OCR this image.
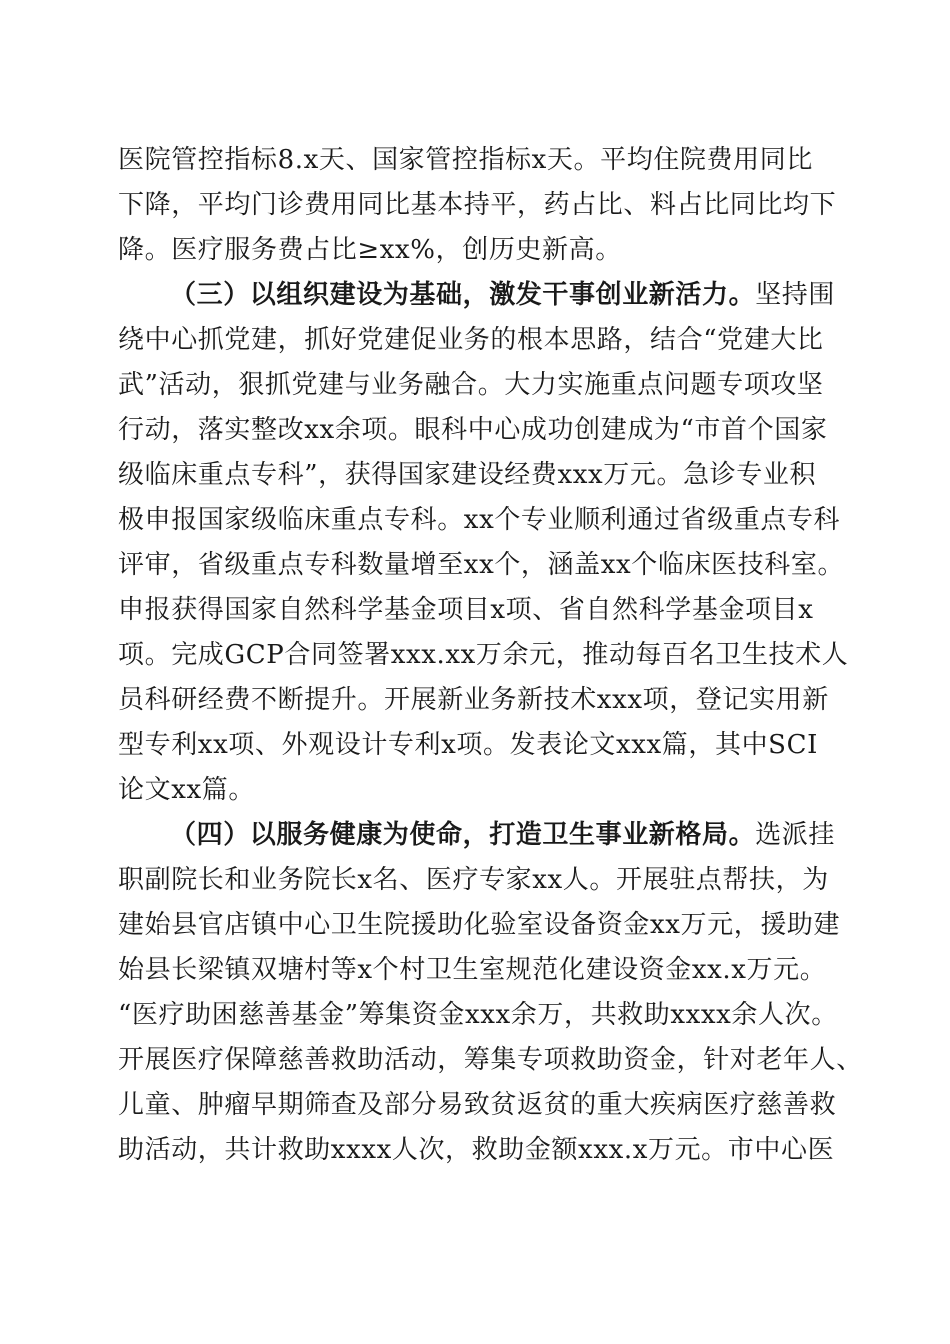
医院管控指标8.x天、国家管控指标x天。平均住院费用同比
下降，平均门诊费用同比基本持平，药占比、料占比同比均下
降。医疗服务费占比≥xx%，创历史新高。
（三）以组织建设为基础，激发干事创业新活力。坚持围
绕中心抓党建，抓好党建促业务的根本思路，结合“党建大比
武”活动，狠抓党建与业务融合。大力实施重点问题专项攻坚
行动，落实整改xx余项。眼科中心成功创建成为“市首个国家
级临床重点专科”，获得国家建设经费xxx万元。急诊专业积
极申报国家级临床重点专科。xx个专业顺利通过省级重点专科
评审，省级重点专科数量增至xx个，涵盖xx个临床医技科室。
申报获得国家自然科学基金项目x项、省自然科学基金项目x
项。完成GCP合同签署xxx.xx万余元，推动每百名卫生技术人
员科研经费不断提升。开展新业务新技术xxx项，登记实用新
型专利xx项、外观设计专利x项。发表论文xxx篇，其中SCI
论文xx篇。
（四）以服务健康为使命，打造卫生事业新格局。选派挂
职副院长和业务院长x名、医疗专家xx人。开展驻点帮扶，为
建始县官店镇中心卫生院援助化验室设备资金xx万元，援助建
始县长梁镇双塘村等x个村卫生室规范化建设资金xx.x万元。
“医疗助困慈善基金”筹集资金xxx余万，共救助xxxx余人次。
开展医疗保障慈善救助活动，筹集专项救助资金，针对老年人、
儿童、肿瘤早期筛查及部分易致贫返贫的重大疾病医疗慈善救
助活动，共计救助xxxx人次，救助金额xxx.x万元。市中心医
